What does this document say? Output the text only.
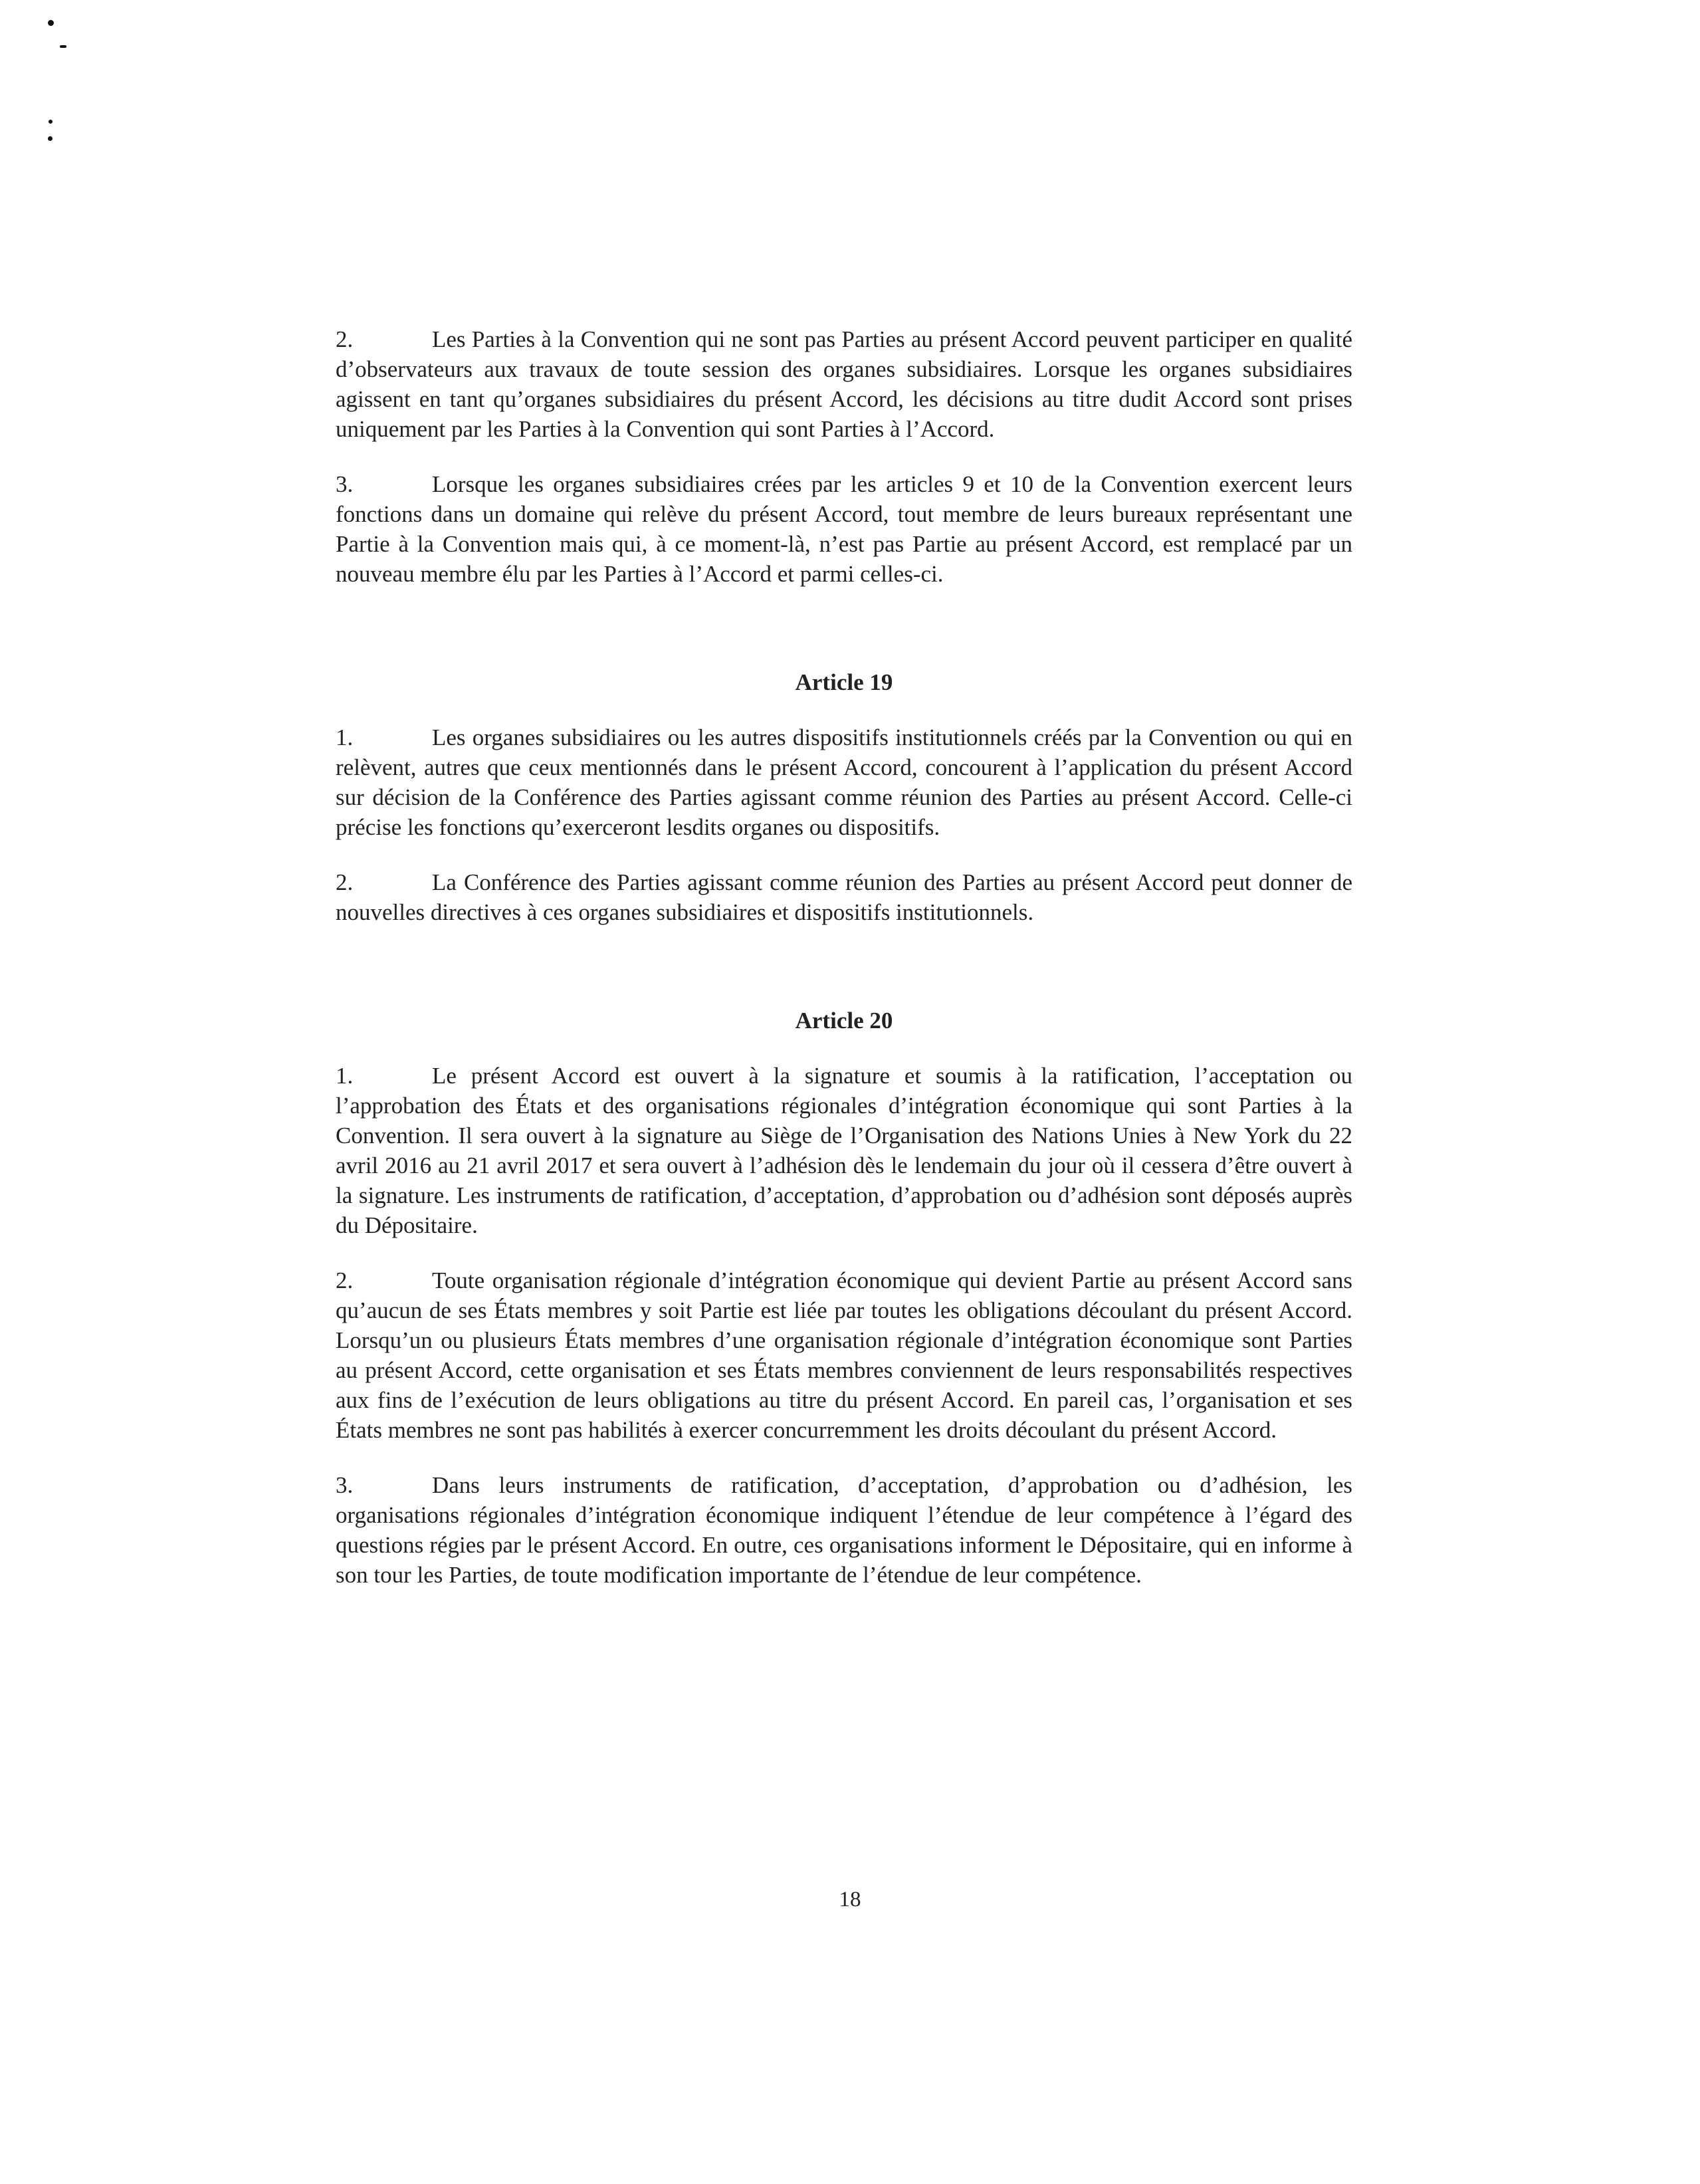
2.	Les Parties à la Convention qui ne sont pas Parties au présent Accord peuvent participer en qualité d’observateurs aux travaux de toute session des organes subsidiaires. Lorsque les organes subsidiaires agissent en tant qu’organes subsidiaires du présent Accord, les décisions au titre dudit Accord sont prises uniquement par les Parties à la Convention qui sont Parties à l’Accord.

3.	Lorsque les organes subsidiaires crées par les articles 9 et 10 de la Convention exercent leurs fonctions dans un domaine qui relève du présent Accord, tout membre de leurs bureaux représentant une Partie à la Convention mais qui, à ce moment-là, n’est pas Partie au présent Accord, est remplacé par un nouveau membre élu par les Parties à l’Accord et parmi celles-ci.

Article 19

1.	Les organes subsidiaires ou les autres dispositifs institutionnels créés par la Convention ou qui en relèvent, autres que ceux mentionnés dans le présent Accord, concourent à l’application du présent Accord sur décision de la Conférence des Parties agissant comme réunion des Parties au présent Accord. Celle-ci précise les fonctions qu’exerceront lesdits organes ou dispositifs.

2.	La Conférence des Parties agissant comme réunion des Parties au présent Accord peut donner de nouvelles directives à ces organes subsidiaires et dispositifs institutionnels.

Article 20

1.	Le présent Accord est ouvert à la signature et soumis à la ratification, l’acceptation ou l’approbation des États et des organisations régionales d’intégration économique qui sont Parties à la Convention. Il sera ouvert à la signature au Siège de l’Organisation des Nations Unies à New York du 22 avril 2016 au 21 avril 2017 et sera ouvert à l’adhésion dès le lendemain du jour où il cessera d’être ouvert à la signature. Les instruments de ratification, d’acceptation, d’approbation ou d’adhésion sont déposés auprès du Dépositaire.

2.	Toute organisation régionale d’intégration économique qui devient Partie au présent Accord sans qu’aucun de ses États membres y soit Partie est liée par toutes les obligations découlant du présent Accord. Lorsqu’un ou plusieurs États membres d’une organisation régionale d’intégration économique sont Parties au présent Accord, cette organisation et ses États membres conviennent de leurs responsabilités respectives aux fins de l’exécution de leurs obligations au titre du présent Accord. En pareil cas, l’organisation et ses États membres ne sont pas habilités à exercer concurremment les droits découlant du présent Accord.

3.	Dans leurs instruments de ratification, d’acceptation, d’approbation ou d’adhésion, les organisations régionales d’intégration économique indiquent l’étendue de leur compétence à l’égard des questions régies par le présent Accord. En outre, ces organisations informent le Dépositaire, qui en informe à son tour les Parties, de toute modification importante de l’étendue de leur compétence.

18
